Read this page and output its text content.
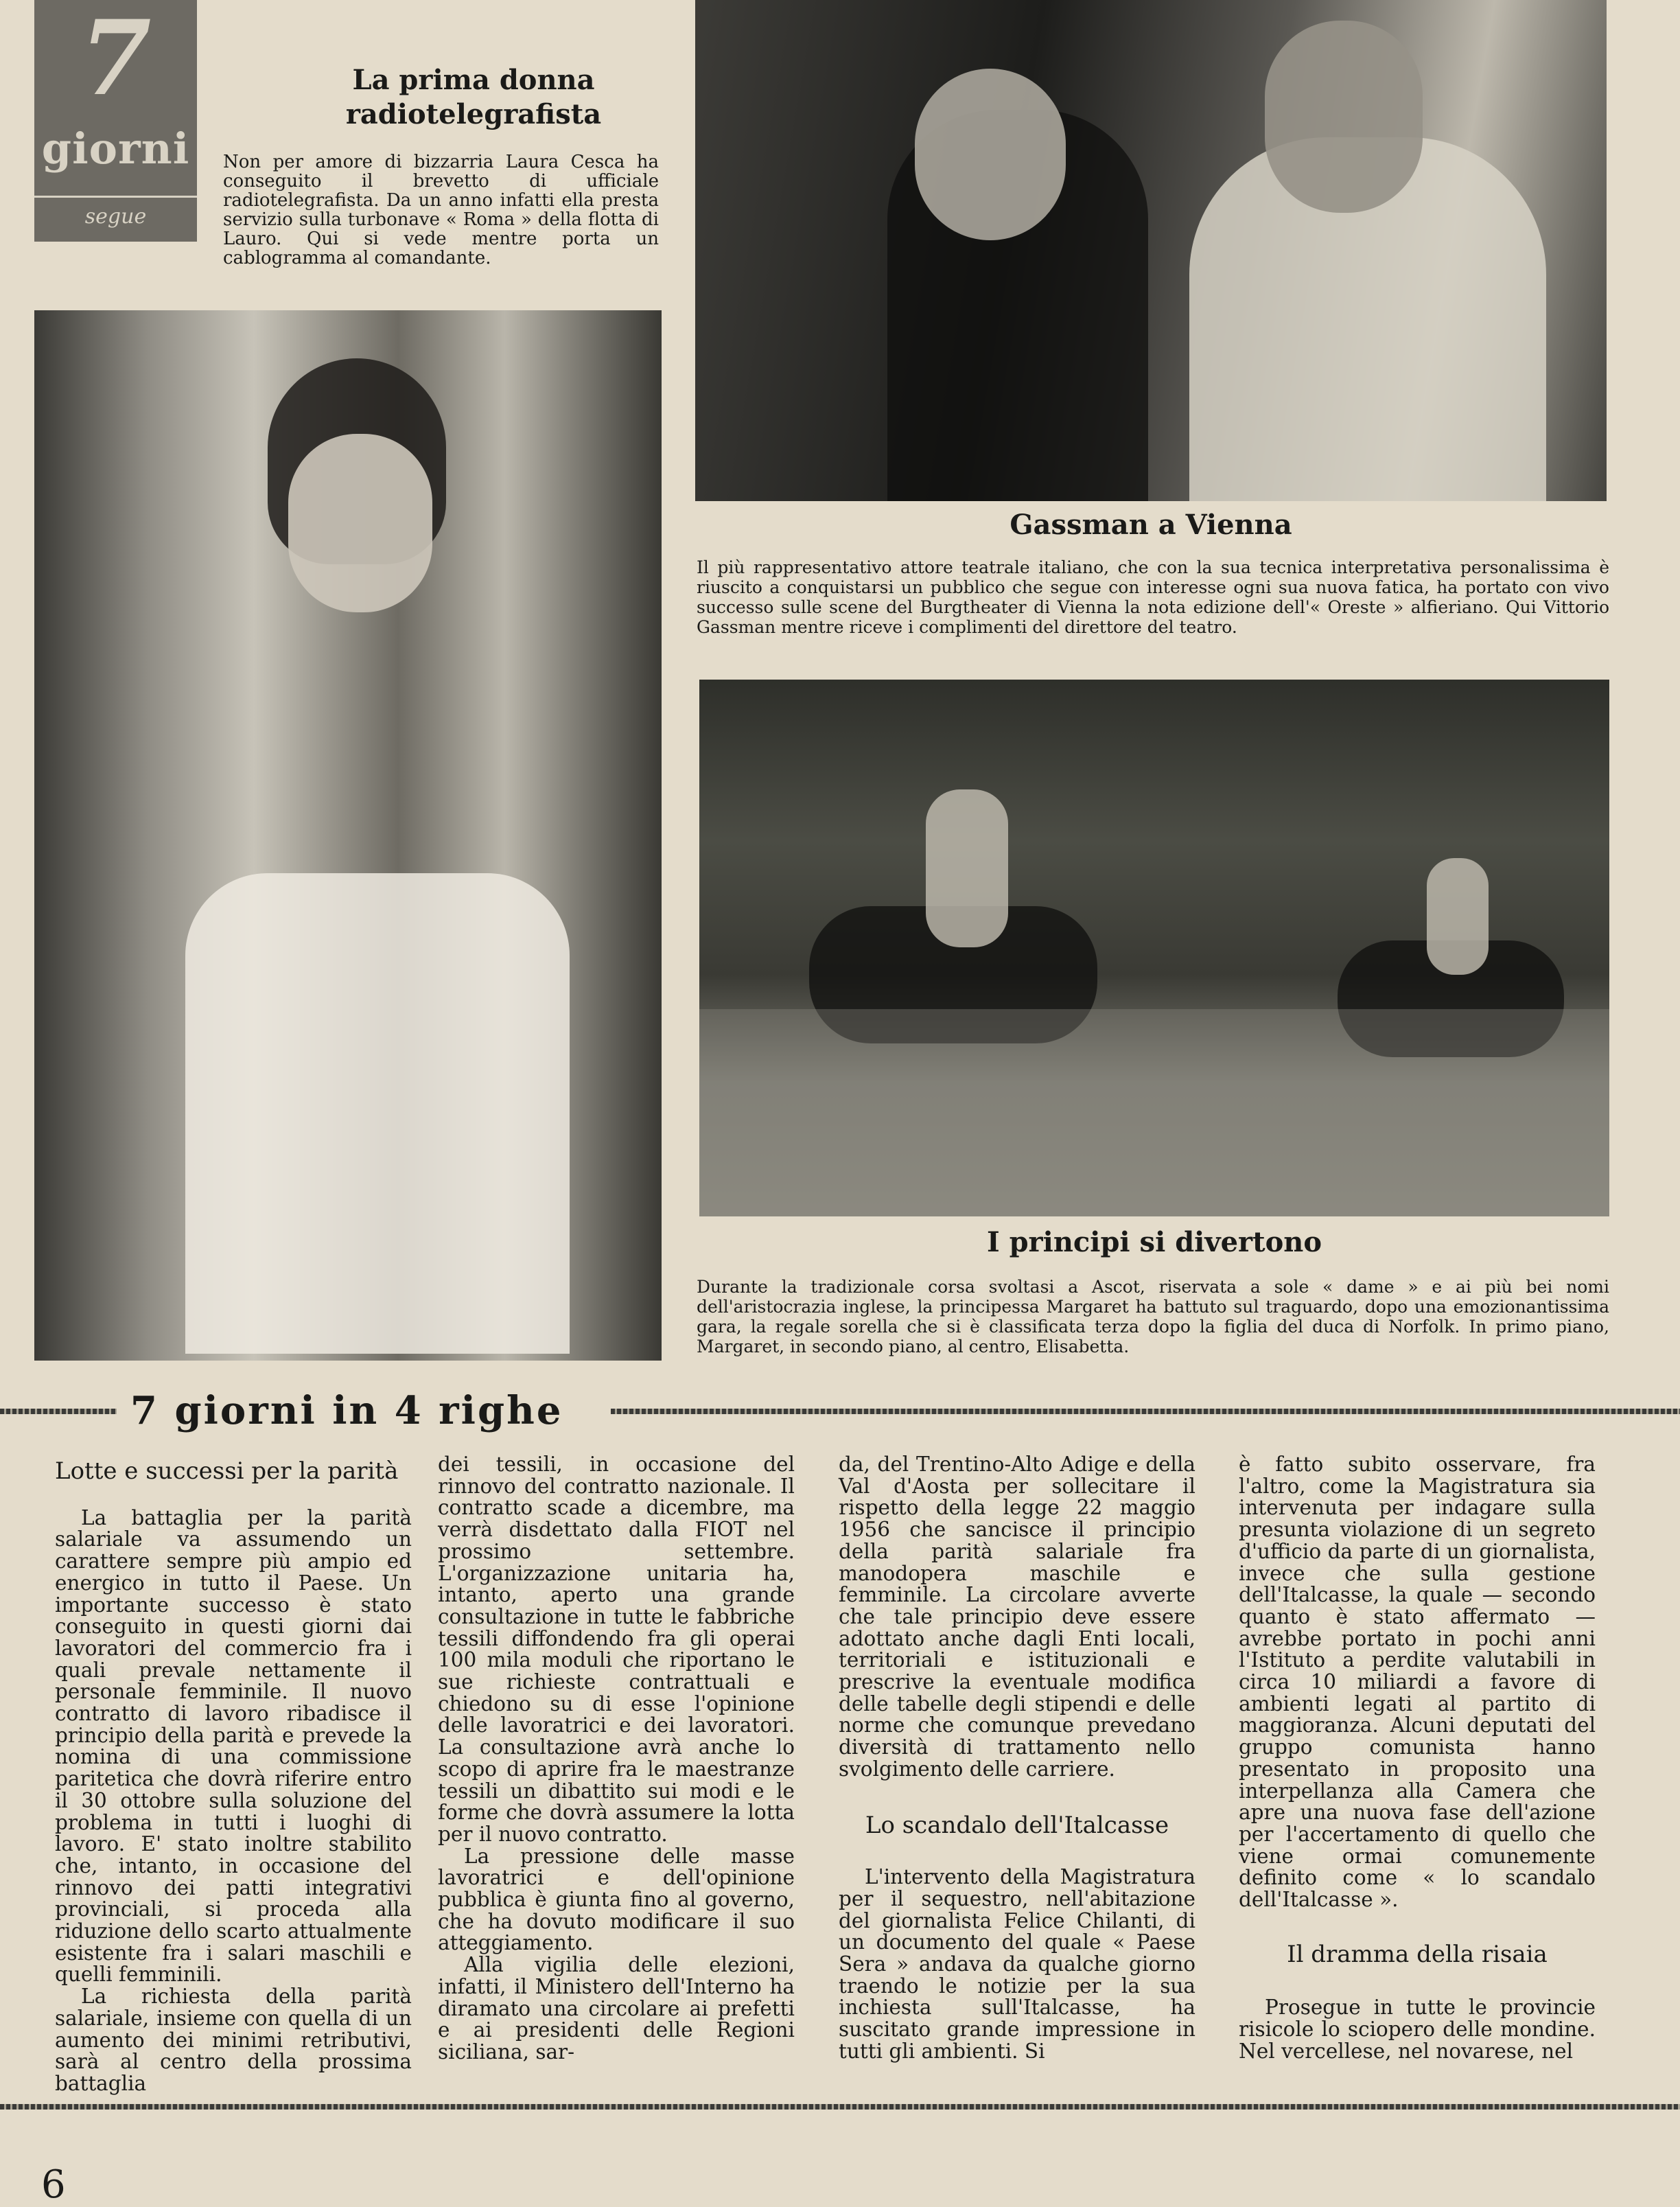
7
giorni
segue
La prima donna
radiotelegrafista
Non per amore di bizzarria Laura Cesca ha conseguito il brevetto di ufficiale radiotelegrafista. Da un anno infatti ella presta servizio sulla turbonave « Roma » della flotta di Lauro. Qui si vede mentre porta un cablogramma al comandante.
Gassman a Vienna
Il più rappresentativo attore teatrale italiano, che con la sua tecnica interpretativa personalissima è riuscito a conquistarsi un pubblico che segue con interesse ogni sua nuova fatica, ha portato con vivo successo sulle scene del Burgtheater di Vienna la nota edizione dell'« Oreste » alfieriano. Qui Vittorio Gassman mentre riceve i complimenti del direttore del teatro.
I principi si divertono
Durante la tradizionale corsa svoltasi a Ascot, riservata a sole « dame » e ai più bei nomi dell'aristocrazia inglese, la principessa Margaret ha battuto sul traguardo, dopo una emozionantissima gara, la regale sorella che si è classificata terza dopo la figlia del duca di Norfolk. In primo piano, Margaret, in secondo piano, al centro, Elisabetta.
7 giorni in 4 righe
Lotte e successi per la parità

La battaglia per la parità salariale va assumendo un carattere sempre più ampio ed energico in tutto il Paese. Un importante successo è stato conseguito in questi giorni dai lavoratori del commercio fra i quali prevale nettamente il personale femminile. Il nuovo contratto di lavoro ribadisce il principio della parità e prevede la nomina di una commissione paritetica che dovrà riferire entro il 30 ottobre sulla soluzione del problema in tutti i luoghi di lavoro. E' stato inoltre stabilito che, intanto, in occasione del rinnovo dei patti integrativi provinciali, si proceda alla riduzione dello scarto attualmente esistente fra i salari maschili e quelli femminili.

La richiesta della parità salariale, insieme con quella di un aumento dei minimi retributivi, sarà al centro della prossima battaglia

dei tessili, in occasione del rinnovo del contratto nazionale. Il contratto scade a dicembre, ma verrà disdettato dalla FIOT nel prossimo settembre. L'organizzazione unitaria ha, intanto, aperto una grande consultazione in tutte le fabbriche tessili diffondendo fra gli operai 100 mila moduli che riportano le sue richieste contrattuali e chiedono su di esse l'opinione delle lavoratrici e dei lavoratori. La consultazione avrà anche lo scopo di aprire fra le maestranze tessili un dibattito sui modi e le forme che dovrà assumere la lotta per il nuovo contratto.

La pressione delle masse lavoratrici e dell'opinione pubblica è giunta fino al governo, che ha dovuto modificare il suo atteggiamento.

Alla vigilia delle elezioni, infatti, il Ministero dell'Interno ha diramato una circolare ai prefetti e ai presidenti delle Regioni siciliana, sar-

da, del Trentino-Alto Adige e della Val d'Aosta per sollecitare il rispetto della legge 22 maggio 1956 che sancisce il principio della parità salariale fra manodopera maschile e femminile. La circolare avverte che tale principio deve essere adottato anche dagli Enti locali, territoriali e istituzionali e prescrive la eventuale modifica delle tabelle degli stipendi e delle norme che comunque prevedano diversità di trattamento nello svolgimento delle carriere.

Lo scandalo dell'Italcasse

L'intervento della Magistratura per il sequestro, nell'abitazione del giornalista Felice Chilanti, di un documento del quale « Paese Sera » andava da qualche giorno traendo le notizie per la sua inchiesta sull'Italcasse, ha suscitato grande impressione in tutti gli ambienti. Si

è fatto subito osservare, fra l'altro, come la Magistratura sia intervenuta per indagare sulla presunta violazione di un segreto d'ufficio da parte di un giornalista, invece che sulla gestione dell'Italcasse, la quale — secondo quanto è stato affermato — avrebbe portato in pochi anni l'Istituto a perdite valutabili in circa 10 miliardi a favore di ambienti legati al partito di maggioranza. Alcuni deputati del gruppo comunista hanno presentato in proposito una interpellanza alla Camera che apre una nuova fase dell'azione per l'accertamento di quello che viene ormai comunemente definito come « lo scandalo dell'Italcasse ».

Il dramma della risaia

Prosegue in tutte le provincie risicole lo sciopero delle mondine. Nel vercellese, nel novarese, nel

6
